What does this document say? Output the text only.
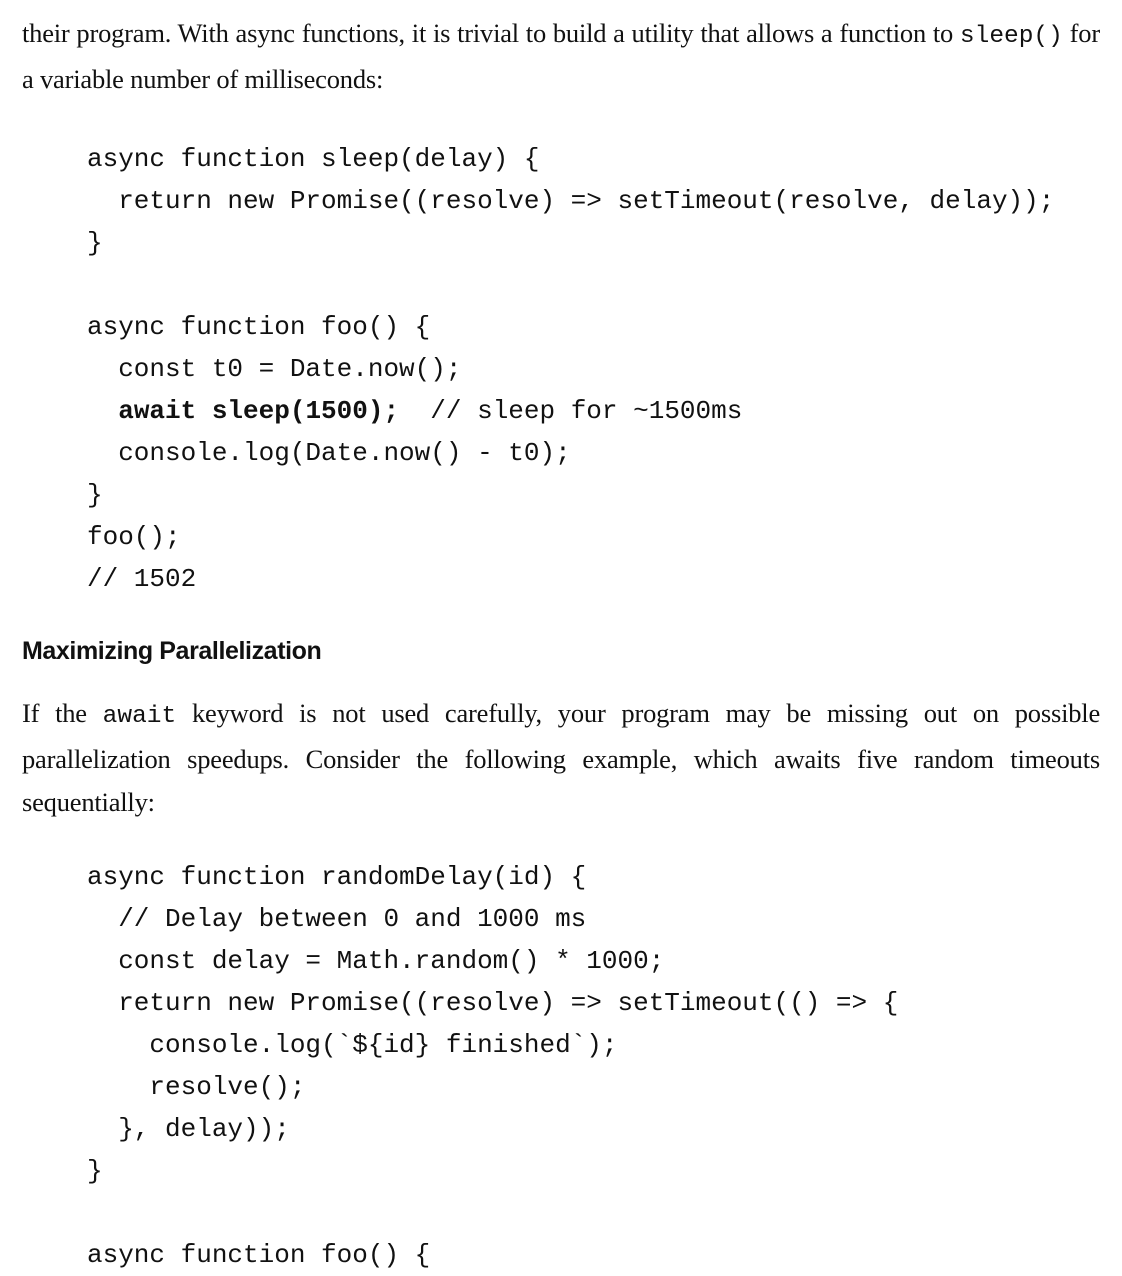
their program. With async functions, it is trivial to build a utility that allows a function to sleep() for a variable number of milliseconds:

async function sleep(delay) {
return new Promise((resolve) => setTimeout(resolve, delay));
}

async function foo() {
const t0 = Date.now();
await sleep(1500);  // sleep for ~1500ms
console.log(Date.now() - t0);
}
foo();
// 1502
Maximizing Parallelization

If the await keyword is not used carefully, your program may be missing out on possible parallelization speedups. Consider the following example, which awaits five random timeouts sequentially:

async function randomDelay(id) {
// Delay between 0 and 1000 ms
const delay = Math.random() * 1000;
return new Promise((resolve) => setTimeout(() => {
console.log(`${id} finished`);
resolve();
}, delay));
}

async function foo() {
